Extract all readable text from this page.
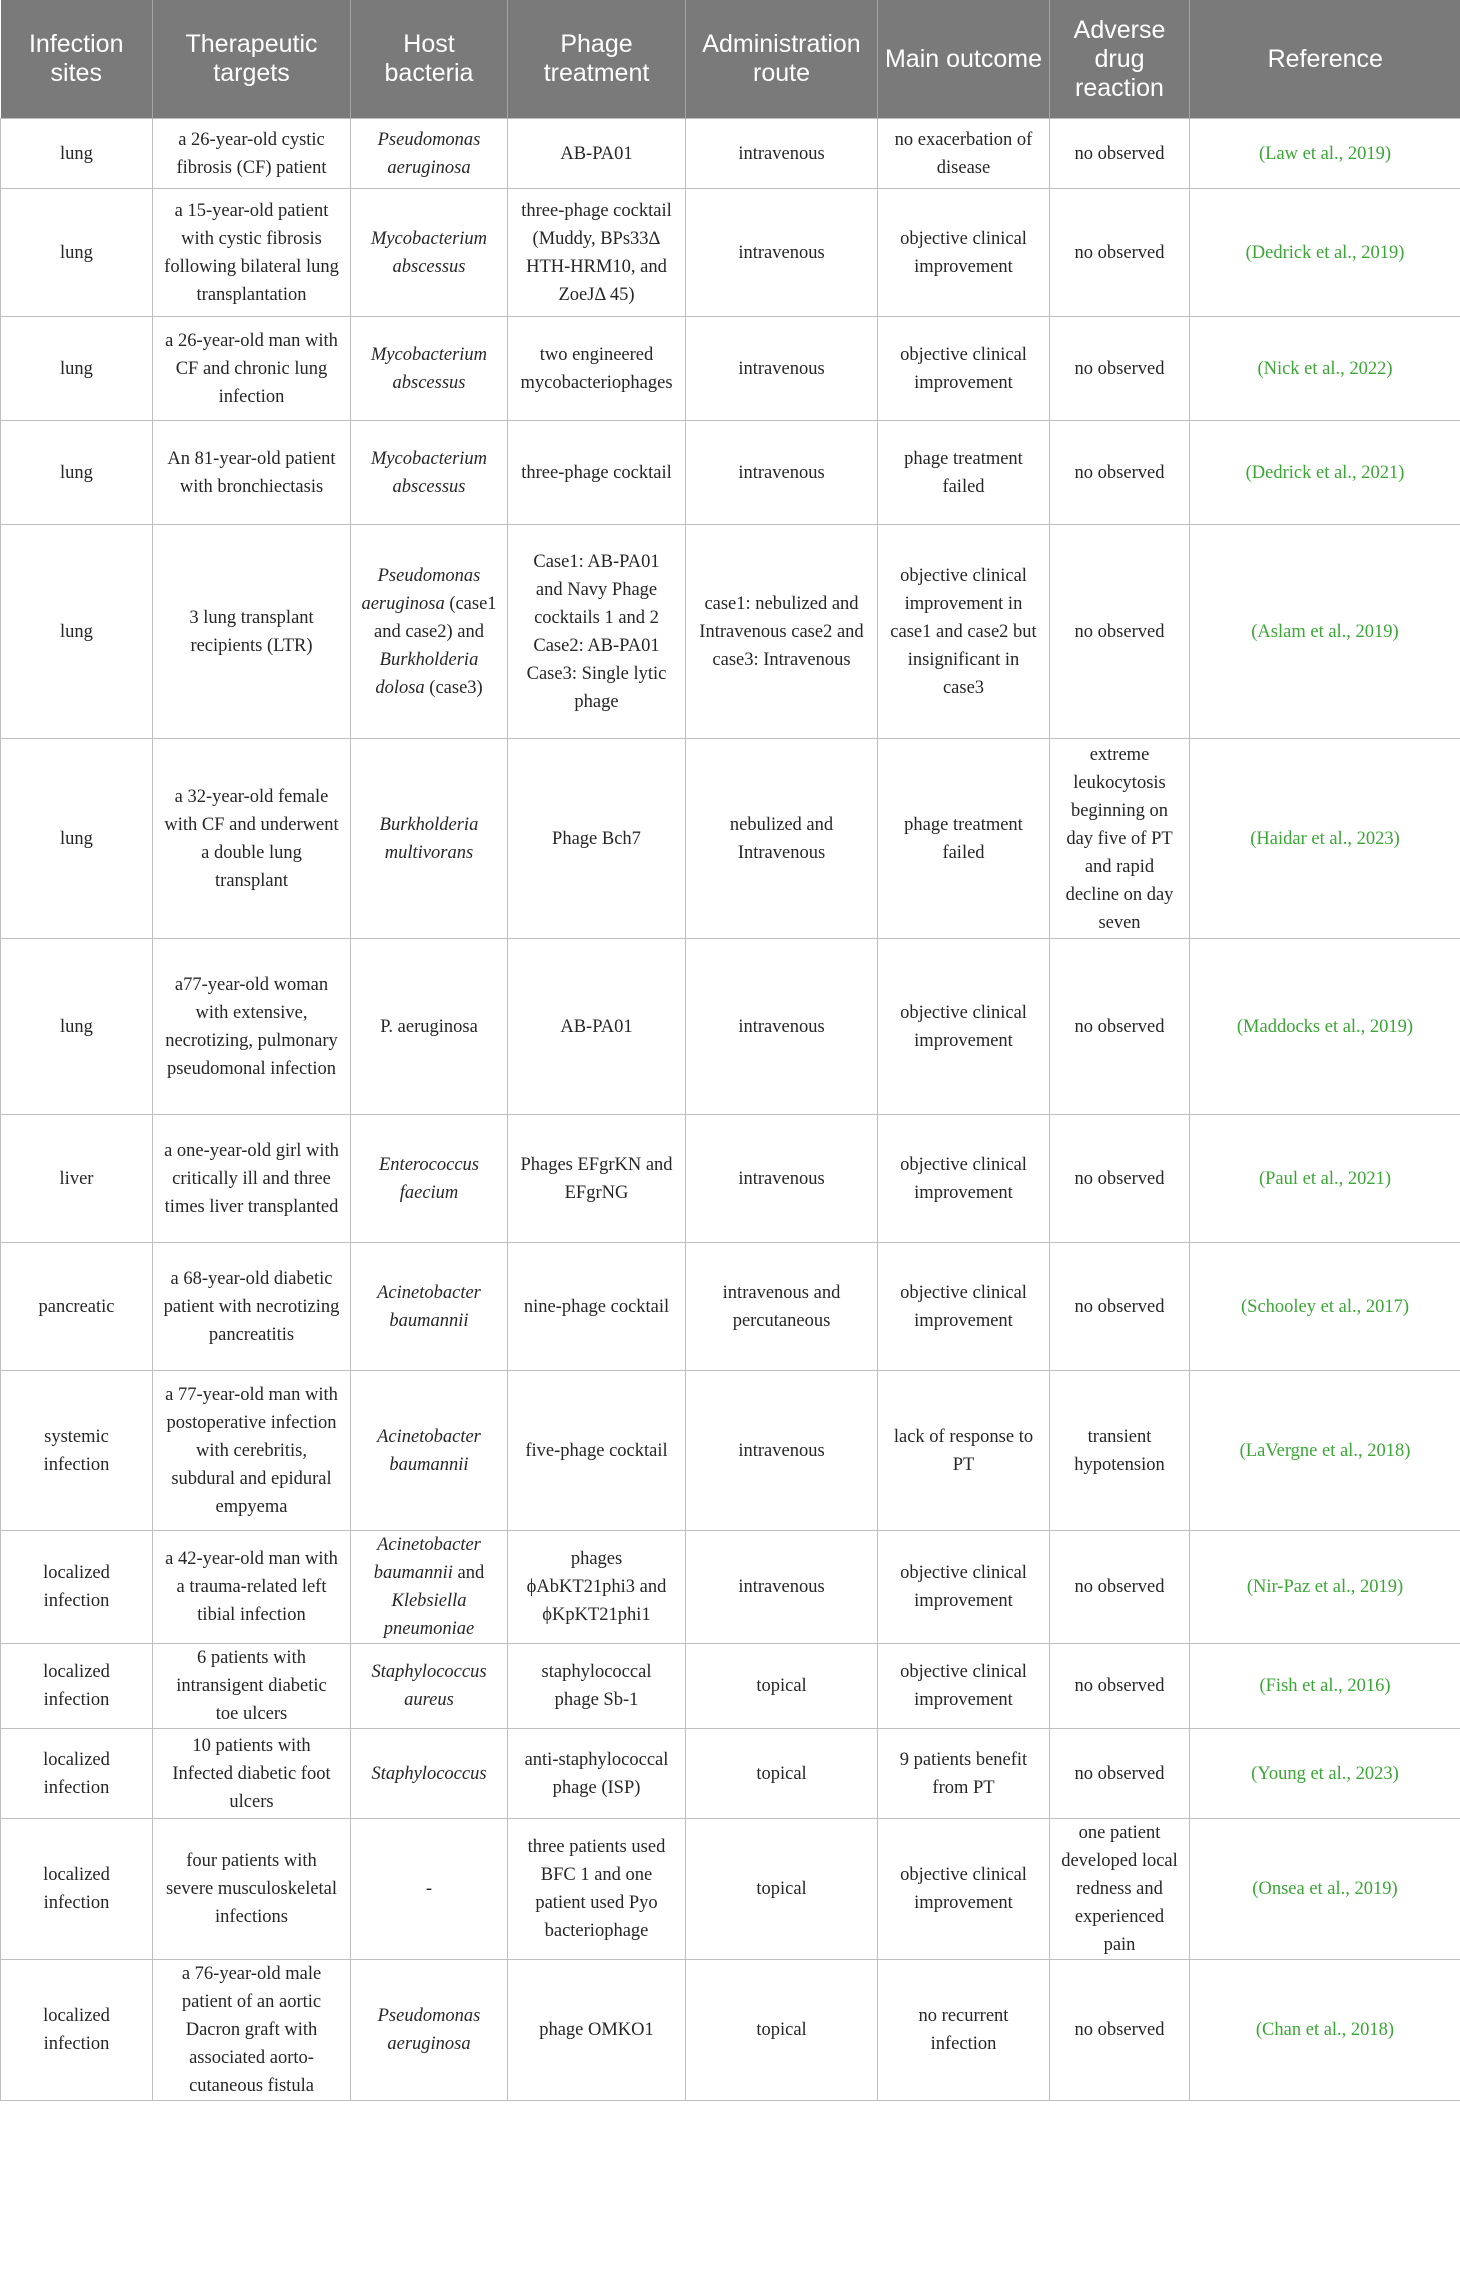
Infection sites	Therapeutic targets	Host bacteria	Phage treatment	Administration route	Main outcome	Adverse drug reaction	Reference
lung	a 26-year-old cystic fibrosis (CF) patient	Pseudomonas aeruginosa	AB-PA01	intravenous	no exacerbation of disease	no observed	(Law et al., 2019)
lung	a 15-year-old patient with cystic fibrosis following bilateral lung transplantation	Mycobacterium abscessus	three-phage cocktail (Muddy, BPs33Δ HTH-HRM10, and ZoeJΔ 45)	intravenous	objective clinical improvement	no observed	(Dedrick et al., 2019)
lung	a 26-year-old man with CF and chronic lung infection	Mycobacterium abscessus	two engineered mycobacteriophages	intravenous	objective clinical improvement	no observed	(Nick et al., 2022)
lung	An 81-year-old patient with bronchiectasis	Mycobacterium abscessus	three-phage cocktail	intravenous	phage treatment failed	no observed	(Dedrick et al., 2021)
lung	3 lung transplant recipients (LTR)	Pseudomonas aeruginosa (case1 and case2) and Burkholderia dolosa (case3)	Case1: AB-PA01 and Navy Phage cocktails 1 and 2 Case2: AB-PA01 Case3: Single lytic phage	case1: nebulized and Intravenous case2 and case3: Intravenous	objective clinical improvement in case1 and case2 but insignificant in case3	no observed	(Aslam et al., 2019)
lung	a 32-year-old female with CF and underwent a double lung transplant	Burkholderia multivorans	Phage Bch7	nebulized and Intravenous	phage treatment failed	extreme leukocytosis beginning on day five of PT and rapid decline on day seven	(Haidar et al., 2023)
lung	a77-year-old woman with extensive, necrotizing, pulmonary pseudomonal infection	P. aeruginosa	AB-PA01	intravenous	objective clinical improvement	no observed	(Maddocks et al., 2019)
liver	a one-year-old girl with critically ill and three times liver transplanted	Enterococcus faecium	Phages EFgrKN and EFgrNG	intravenous	objective clinical improvement	no observed	(Paul et al., 2021)
pancreatic	a 68-year-old diabetic patient with necrotizing pancreatitis	Acinetobacter baumannii	nine-phage cocktail	intravenous and percutaneous	objective clinical improvement	no observed	(Schooley et al., 2017)
systemic infection	a 77-year-old man with postoperative infection with cerebritis, subdural and epidural empyema	Acinetobacter baumannii	five-phage cocktail	intravenous	lack of response to PT	transient hypotension	(LaVergne et al., 2018)
localized infection	a 42-year-old man with a trauma-related left tibial infection	Acinetobacter baumannii and Klebsiella pneumoniae	phages ϕAbKT21phi3 and ϕKpKT21phi1	intravenous	objective clinical improvement	no observed	(Nir-Paz et al., 2019)
localized infection	6 patients with intransigent diabetic toe ulcers	Staphylococcus aureus	staphylococcal phage Sb-1	topical	objective clinical improvement	no observed	(Fish et al., 2016)
localized infection	10 patients with Infected diabetic foot ulcers	Staphylococcus	anti-staphylococcal phage (ISP)	topical	9 patients benefit from PT	no observed	(Young et al., 2023)
localized infection	four patients with severe musculoskeletal infections	-	three patients used BFC 1 and one patient used Pyo bacteriophage	topical	objective clinical improvement	one patient developed local redness and experienced pain	(Onsea et al., 2019)
localized infection	a 76-year-old male patient of an aortic Dacron graft with associated aorto-cutaneous fistula	Pseudomonas aeruginosa	phage OMKO1	topical	no recurrent infection	no observed	(Chan et al., 2018)
